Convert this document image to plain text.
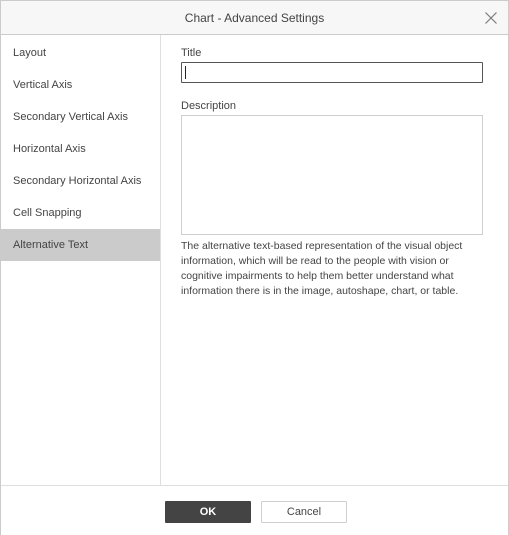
Chart - Advanced Settings
Layout
Vertical Axis
Secondary Vertical Axis
Horizontal Axis
Secondary Horizontal Axis
Cell Snapping
Alternative Text
Title
Description
The alternative text-based representation of the visual object information, which will be read to the people with vision or cognitive impairments to help them better understand what information there is in the image, autoshape, chart, or table.
OK	Cancel
